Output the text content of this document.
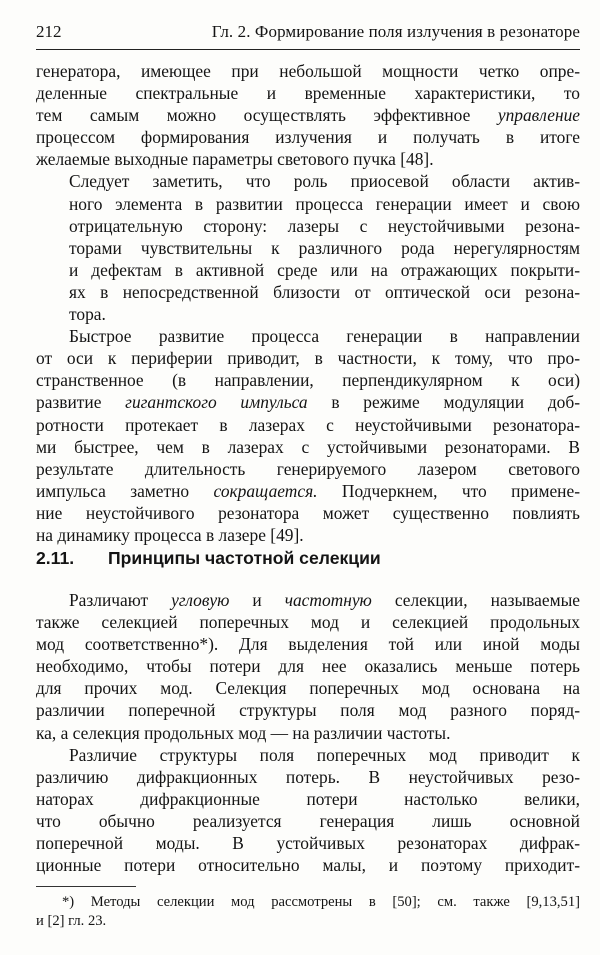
212	Гл. 2. Формирование поля излучения в резонаторе
генератора, имеющее при небольшой мощности четко опре-
деленные спектральные и временные характеристики, то
тем самым можно осуществлять эффективное управление
процессом формирования излучения и получать в итоге
желаемые выходные параметры светового пучка [48].
Следует заметить, что роль приосевой области актив-
ного элемента в развитии процесса генерации имеет и свою
отрицательную сторону: лазеры с неустойчивыми резона-
торами чувствительны к различного рода нерегулярностям
и дефектам в активной среде или на отражающих покрыти-
ях в непосредственной близости от оптической оси резона-
тора.
Быстрое развитие процесса генерации в направлении
от оси к периферии приводит, в частности, к тому, что про-
странственное (в направлении, перпендикулярном к оси)
развитие гигантского импульса в режиме модуляции доб-
ротности протекает в лазерах с неустойчивыми резонатора-
ми быстрее, чем в лазерах с устойчивыми резонаторами. В
результате длительность генерируемого лазером светового
импульса заметно сокращается. Подчеркнем, что примене-
ние неустойчивого резонатора может существенно повлиять
на динамику процесса в лазере [49].
2.11. Принципы частотной селекции
Различают угловую и частотную селекции, называемые
также селекцией поперечных мод и селекцией продольных
мод соответственно*). Для выделения той или иной моды
необходимо, чтобы потери для нее оказались меньше потерь
для прочих мод. Селекция поперечных мод основана на
различии поперечной структуры поля мод разного поряд-
ка, а селекция продольных мод — на различии частоты.
Различие структуры поля поперечных мод приводит к
различию дифракционных потерь. В неустойчивых резо-
наторах дифракционные потери настолько велики,
что обычно реализуется генерация лишь основной
поперечной моды. В устойчивых резонаторах дифрак-
ционные потери относительно малы, и поэтому приходит-
*) Методы селекции мод рассмотрены в [50]; см. также [9,13,51]
и [2] гл. 23.
